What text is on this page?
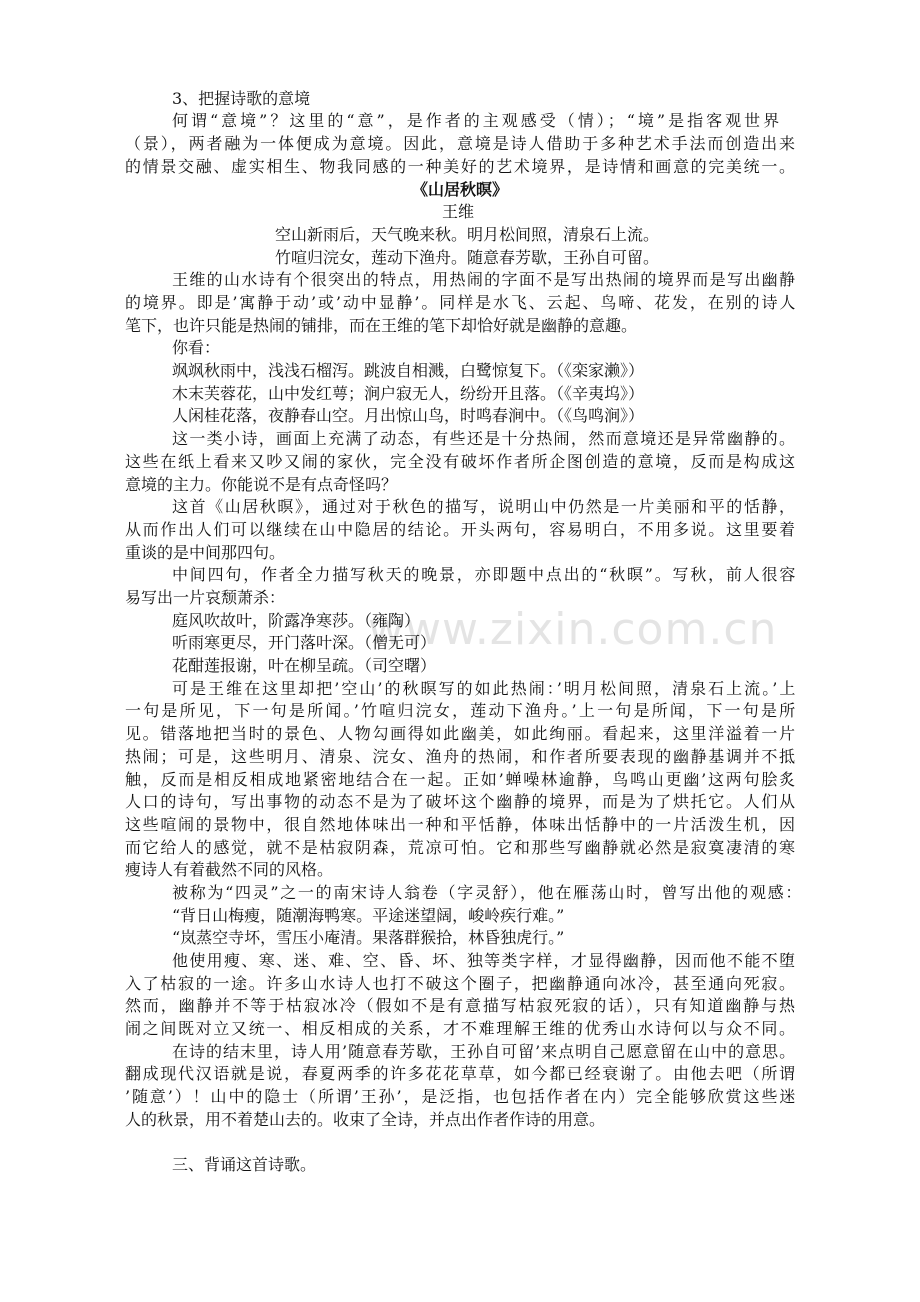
www.zixin.com.cn
3、把握诗歌的意境
何谓“意境”？这里的“意”，是作者的主观感受（情）；“境”是指客观世界
（景），两者融为一体便成为意境。因此，意境是诗人借助于多种艺术手法而创造出来
的情景交融、虚实相生、物我同感的一种美好的艺术境界，是诗情和画意的完美统一。
《山居秋暝》
王维
空山新雨后，天气晚来秋。明月松间照，清泉石上流。
竹喧归浣女，莲动下渔舟。随意春芳歇，王孙自可留。
王维的山水诗有个很突出的特点，用热闹的字面不是写出热闹的境界而是写出幽静
的境界。即是’寓静于动’或’动中显静’。同样是水飞、云起、鸟啼、花发，在别的诗人
笔下，也许只能是热闹的铺排，而在王维的笔下却恰好就是幽静的意趣。
你看：
飒飒秋雨中，浅浅石榴泻。跳波自相溅，白鹭惊复下。（《栾家濑》）
木末芙蓉花，山中发红萼；涧户寂无人，纷纷开且落。（《辛夷坞》）
人闲桂花落，夜静春山空。月出惊山鸟，时鸣春涧中。（《鸟鸣涧》）
这一类小诗，画面上充满了动态，有些还是十分热闹，然而意境还是异常幽静的。
这些在纸上看来又吵又闹的家伙，完全没有破坏作者所企图创造的意境，反而是构成这
意境的主力。你能说不是有点奇怪吗？
这首《山居秋暝》，通过对于秋色的描写，说明山中仍然是一片美丽和平的恬静，
从而作出人们可以继续在山中隐居的结论。开头两句，容易明白，不用多说。这里要着
重谈的是中间那四句。
中间四句，作者全力描写秋天的晚景，亦即题中点出的“秋暝”。写秋，前人很容
易写出一片哀颓萧杀：
庭风吹故叶，阶露净寒莎。（雍陶）
听雨寒更尽，开门落叶深。（僧无可）
花酣莲报谢，叶在柳呈疏。（司空曙）
可是王维在这里却把’空山’的秋暝写的如此热闹：’明月松间照，清泉石上流。’上
一句是所见，下一句是所闻。’竹喧归浣女，莲动下渔舟。’上一句是所闻，下一句是所
见。错落地把当时的景色、人物勾画得如此幽美，如此绚丽。看起来，这里洋溢着一片
热闹；可是，这些明月、清泉、浣女、渔舟的热闹，和作者所要表现的幽静基调并不抵
触，反而是相反相成地紧密地结合在一起。正如’蝉噪林逾静，鸟鸣山更幽’这两句脍炙
人口的诗句，写出事物的动态不是为了破坏这个幽静的境界，而是为了烘托它。人们从
这些喧闹的景物中，很自然地体味出一种和平恬静，体味出恬静中的一片活泼生机，因
而它给人的感觉，就不是枯寂阴森，荒凉可怕。它和那些写幽静就必然是寂寞凄清的寒
瘦诗人有着截然不同的风格。
被称为“四灵”之一的南宋诗人翁卷（字灵舒），他在雁荡山时，曾写出他的观感：
“背日山梅瘦，随潮海鸭寒。平途迷望阔，峻岭疾行难。”
“岚蒸空寺坏，雪压小庵清。果落群猴拾，林昏独虎行。”
他使用瘦、寒、迷、难、空、昏、坏、独等类字样，才显得幽静，因而他不能不堕
入了枯寂的一途。许多山水诗人也打不破这个圈子，把幽静通向冰冷，甚至通向死寂。
然而，幽静并不等于枯寂冰冷（假如不是有意描写枯寂死寂的话），只有知道幽静与热
闹之间既对立又统一、相反相成的关系，才不难理解王维的优秀山水诗何以与众不同。
在诗的结末里，诗人用’随意春芳歇，王孙自可留’来点明自己愿意留在山中的意思。
翻成现代汉语就是说，春夏两季的许多花花草草，如今都已经衰谢了。由他去吧（所谓
’随意’）！山中的隐士（所谓’王孙’，是泛指，也包括作者在内）完全能够欣赏这些迷
人的秋景，用不着楚山去的。收束了全诗，并点出作者作诗的用意。
三、背诵这首诗歌。
